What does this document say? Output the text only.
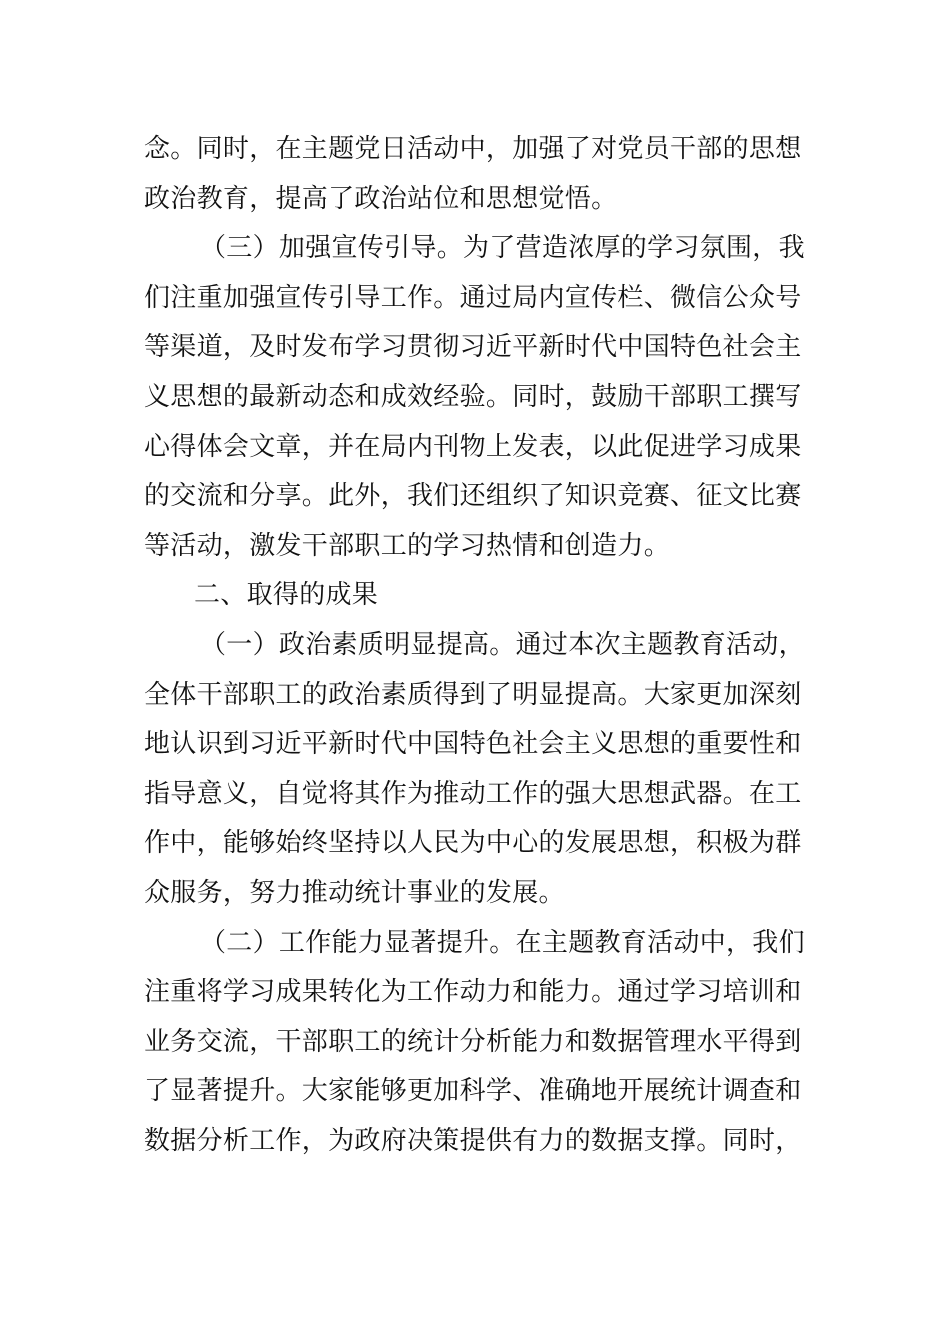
念。同时，在主题党日活动中，加强了对党员干部的思想
政治教育，提高了政治站位和思想觉悟。
（三）加强宣传引导。为了营造浓厚的学习氛围，我
们注重加强宣传引导工作。通过局内宣传栏、微信公众号
等渠道，及时发布学习贯彻习近平新时代中国特色社会主
义思想的最新动态和成效经验。同时，鼓励干部职工撰写
心得体会文章，并在局内刊物上发表，以此促进学习成果
的交流和分享。此外，我们还组织了知识竞赛、征文比赛
等活动，激发干部职工的学习热情和创造力。
二、取得的成果
（一）政治素质明显提高。通过本次主题教育活动，
全体干部职工的政治素质得到了明显提高。大家更加深刻
地认识到习近平新时代中国特色社会主义思想的重要性和
指导意义，自觉将其作为推动工作的强大思想武器。在工
作中，能够始终坚持以人民为中心的发展思想，积极为群
众服务，努力推动统计事业的发展。
（二）工作能力显著提升。在主题教育活动中，我们
注重将学习成果转化为工作动力和能力。通过学习培训和
业务交流，干部职工的统计分析能力和数据管理水平得到
了显著提升。大家能够更加科学、准确地开展统计调查和
数据分析工作，为政府决策提供有力的数据支撑。同时，
